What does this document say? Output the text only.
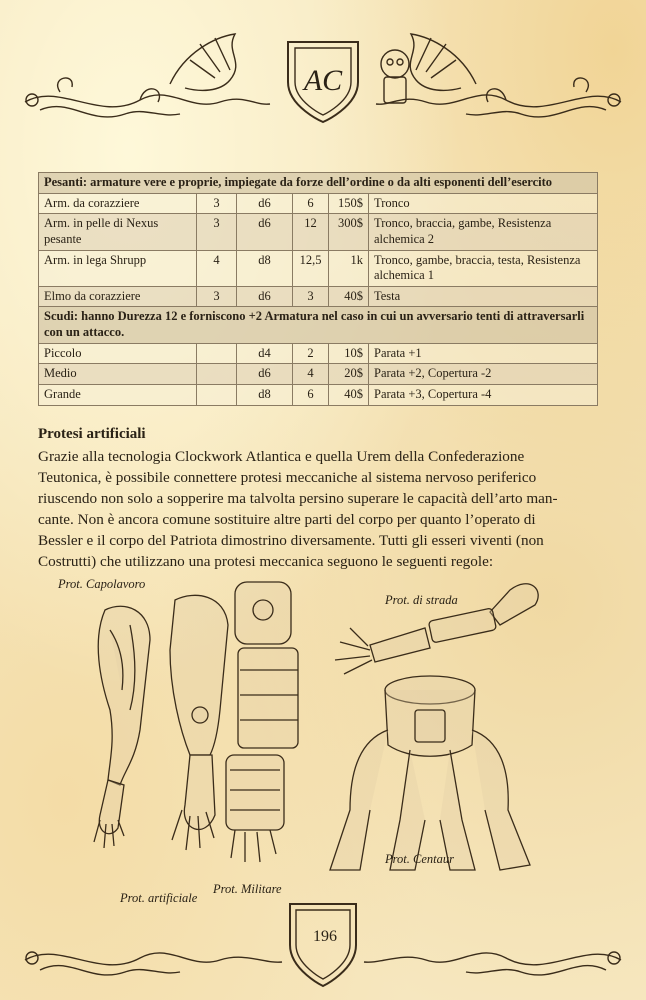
AC
Pesanti: armature vere e proprie, impiegate da forze dell’ordine o da alti esponenti dell’esercito					
Arm. da corazziere	3	d6	6	150$	Tronco
Arm. in pelle di Nexus pesante	3	d6	12	300$	Tronco, braccia, gambe, Resistenza alchemica 2
Arm. in lega Shrupp	4	d8	12,5	1k	Tronco, gambe, braccia, testa, Resistenza alchemica 1
Elmo da corazziere	3	d6	3	40$	Testa
Scudi: hanno Durezza 12 e forniscono +2 Armatura nel caso in cui un avversario tenti di attraversarli con un attacco.					
Piccolo		d4	2	10$	Parata +1
Medio		d6	4	20$	Parata +2, Copertura -2
Grande		d8	6	40$	Parata +3, Copertura -4
Protesi artificiali
Grazie alla tecnologia Clockwork Atlantica e quella Urem della Confederazione
Teutonica, è possibile connettere protesi meccaniche al sistema nervoso periferico
riuscendo non solo a sopperire ma talvolta persino superare le capacità dell’arto man-
cante. Non è ancora comune sostituire altre parti del corpo per quanto l’operato di
Bessler e il corpo del Patriota dimostrino diversamente. Tutti gli esseri viventi (non
Costrutti) che utilizzano una protesi meccanica seguono le seguenti regole:
Prot. Capolavoro
Prot. di strada
Prot. artificiale
Prot. Militare
Prot. Centaur
196
